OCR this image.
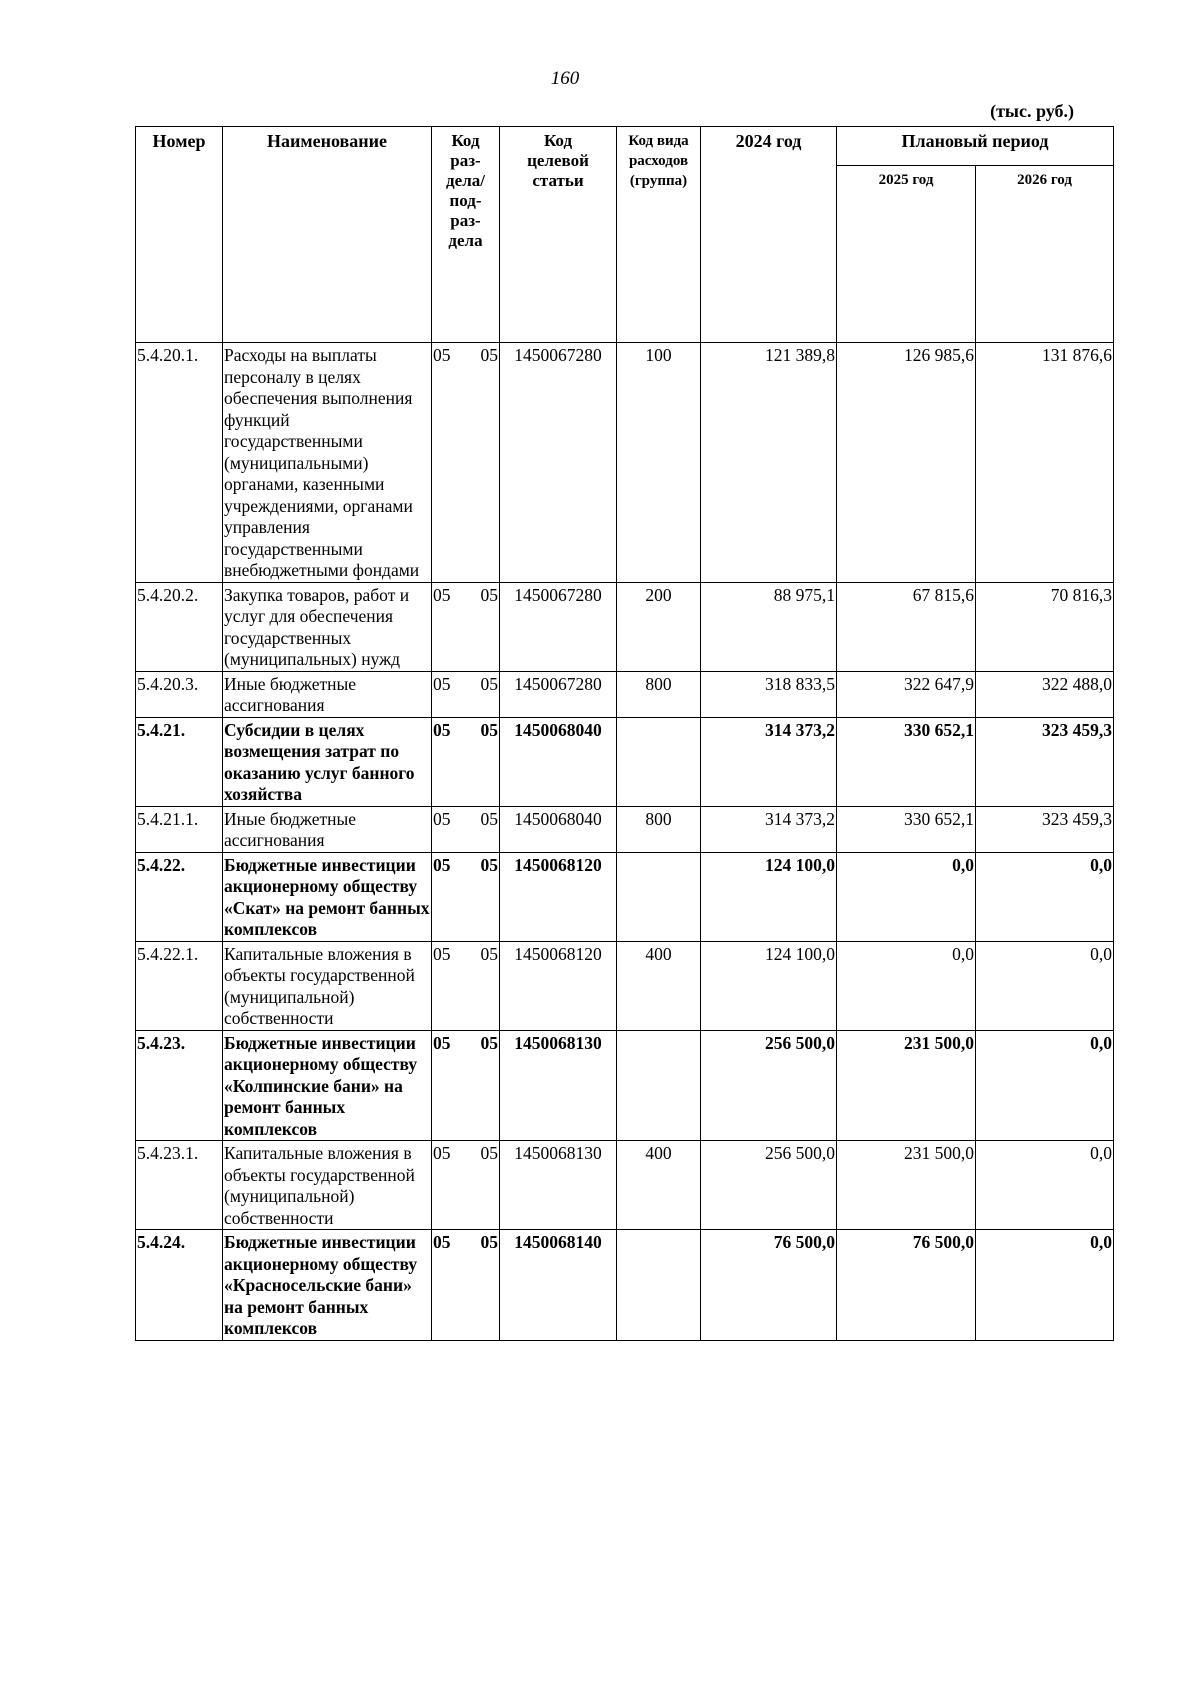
160
(тыс. руб.)
Номер	Наименование	Код раз-дела/ под-раз-дела	Код целевой статьи	Код вида расходов (группа)	2024 год	Плановый период	
						2025 год	2026 год
5.4.20.1.	Расходы на выплаты персоналу в целях обеспечения выполнения функций государственными (муниципальными) органами, казенными учреждениями, органами управления государственными внебюджетными фондами	05 05	1450067280	100	121 389,8	126 985,6	131 876,6
5.4.20.2.	Закупка товаров, работ и услуг для обеспечения государственных (муниципальных) нужд	05 05	1450067280	200	88 975,1	67 815,6	70 816,3
5.4.20.3.	Иные бюджетные ассигнования	05 05	1450067280	800	318 833,5	322 647,9	322 488,0
5.4.21.	Субсидии в целях возмещения затрат по оказанию услуг банного хозяйства	05 05	1450068040		314 373,2	330 652,1	323 459,3
5.4.21.1.	Иные бюджетные ассигнования	05 05	1450068040	800	314 373,2	330 652,1	323 459,3
5.4.22.	Бюджетные инвестиции акционерному обществу «Скат» на ремонт банных комплексов	05 05	1450068120		124 100,0	0,0	0,0
5.4.22.1.	Капитальные вложения в объекты государственной (муниципальной) собственности	05 05	1450068120	400	124 100,0	0,0	0,0
5.4.23.	Бюджетные инвестиции акционерному обществу «Колпинские бани» на ремонт банных комплексов	05 05	1450068130		256 500,0	231 500,0	0,0
5.4.23.1.	Капитальные вложения в объекты государственной (муниципальной) собственности	05 05	1450068130	400	256 500,0	231 500,0	0,0
5.4.24.	Бюджетные инвестиции акционерному обществу «Красносельские бани» на ремонт банных комплексов	05 05	1450068140		76 500,0	76 500,0	0,0
